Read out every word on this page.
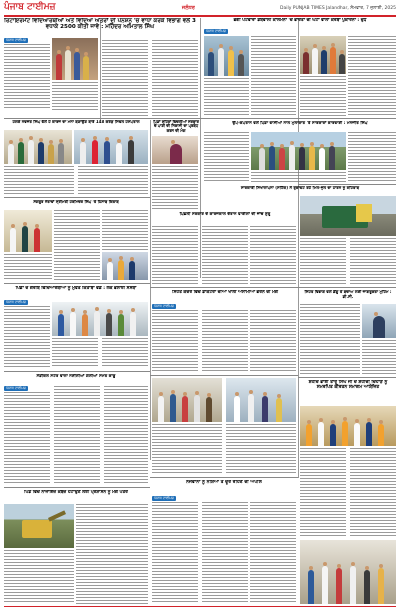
ਪੰਜਾਬ ਟਾਈਮਜ਼	ਜਲੰਧਰ	Daily PUNJAB TIMES Jalandhar, ਸੋਮਵਾਰ, 7 ਜੁਲਾਈ, 2025
ਰਿਟਾਇਰਮੈਂਟ ਵਿਦਿਆਰਥੀਆਂ ਅਤੇ ਵਿਦਿਆ ਅੰਤਰਾਂ ਦੀ ਪੈਨਸ਼ਨ 'ਚ ਵਾਧਾ ਕਰਕੇ ਵਿਭਾਗ ਵਲੋਂ 3 ਵਧਾਕੇ 2500 ਕੀਤੀ ਜਾਵੇ : ਮਹਿੰਦਰ ਅਮਿਤਾਲ ਸਿੰਘ
ਪੰਜਾਬ ਟਾਈਮਜ਼
ਭੋਗੀ ਪਟਵਾਰਾ ਡਬਵਾਲੀ ਕਾਲਮਨਾ 'ਚ ਭਾਰਤਾ ਦੀ ਘਟਾ ਵਾਲਾ ਕਰੋਬਾ ਪੁਕਾਰਨਾ : ਦੁੱਧ
ਪੰਜਾਬ ਟਾਈਮਜ਼
ਉਪ-ਕਪਤਾਨ ਵਲੋਂ ਪਿੰਡਾ ਵਾਸੀਆਂ ਨਾਲ ਮੁਲਾਕਾਤ 'ਤੇ ਸਾਰਕਾਰਾਂ ਕਾਰਵਾਈ : ਮਨਜੀਤ ਸਿੰਘ
ਹਲਕੇ ਨਵਜੋਤ ਸਿੰਘ ਵੱਲੋਂ ਹੋ ਕਾਰਜ ਦਾ ਮਨਾ ਬਣਾਉਣ ਬਾਰੇ 148 ਕਰੋੜ ਸਿਵਲ ਹਸਪਤਾਲ	ਪਿੰਡਾਂ ਸ਼ਹਿਰਾਂ ਵਿਚਲੀਆਂ ਸਰਕਾਰ ਦੇ ਪਾਣੀ ਦੀ ਨਿਕਾਸੀ ਦਾ ਪ੍ਰਬੰਧ ਕਰਨ ਦੀ ਮੰਗ
ਸੰਗਰੂਰ ਨੇਤਾਵਾਂ ਸ੍ਰੀਮਤੀ ਹਰਮਿੰਦਰ ਸਿੰਘ 'ਤੇ ਹਿਸਾਬ ਕਿਤਾਬ
ਪਿੰਡਾਂ ਦੇ ਗਰੀਬ ਵਿਦਿਆਰਥੀਆਂ ਨੂੰ ਮੁਫਤ ਕਿਤਾਬਾਂ ਵੰਡ : ਲੋਕ ਭਲਾਈ ਸੰਸਥਾ
ਪੰਜਾਬ ਟਾਈਮਜ਼
ਪਿਛਲੀ ਸਰਕਾਰ ਦੇ ਕਾਰਜਕਾਲ ਦੌਰਾਨ ਫਾਈਲਾਂ ਦੀ ਜਾਂਚ ਸ਼ੁਰੂ
ਸਾਰਕਾਰੀ ਸਿਖਾਲਾਪਨਾ (ਸਟਿੱਕ) ਨੇ ਰੁਕਾਵਟ ਰਹੇ ਮਿਲ-ਜੁਲ ਦਾ ਹਾਰਨ ਨੂੰ ਰਹਿਤਾਬ
ਸਿਹਤ ਕੇਂਦਰ ਵਿੱਚ ਡਾਕਟਰਾਂ ਦੀਆਂ ਖਾਲੀ ਅਸਾਮੀਆਂ ਭਰਨ ਦੀ ਮੰਗ
ਪੰਜਾਬ ਟਾਈਮਜ਼
ਸਿਹਤ ਵਿਭਾਗ ਵਲੋਂ ਡੇਂਗੂ ਤੋਂ ਬਚਾਅ ਲਈ ਜਾਗਰੂਕਤਾ ਮੁਹਿੰਮ : ਡੀ.ਸੀ.
ਮੈਡੀਕਲ ਸਟੋਰ ਵਾਲਾ ਨਸ਼ੀਲੀਆਂ ਗੋਲੀਆਂ ਸਮੇਤ ਕਾਬੂ
ਪੰਜਾਬ ਟਾਈਮਜ਼
ਸ਼ਹੀਦ ਭਾਈ ਤਾਰੂ ਸਿੰਘ ਜੀ ਦੇ ਸ਼ਹੀਦੀ ਦਿਹਾੜੇ ਨੂੰ ਸਮਰਪਿਤ ਕੀਰਤਨ ਸਮਾਗਮ ਆਯੋਜਿਤ
ਪਿੰਡ ਵਿੱਚ ਨਾਜਾਇਜ਼ ਕਬਜ਼ੇ ਹਟਾਉਣ ਲਈ ਪ੍ਰਸ਼ਾਸਨ ਨੂੰ ਮੰਗ ਪੱਤਰ
ਨੌਜਵਾਨਾਂ ਨੂੰ ਨਸ਼ਿਆਂ ਤੋਂ ਦੂਰ ਰਹਿਣ ਦੀ ਅਪੀਲ
ਪੰਜਾਬ ਟਾਈਮਜ਼
